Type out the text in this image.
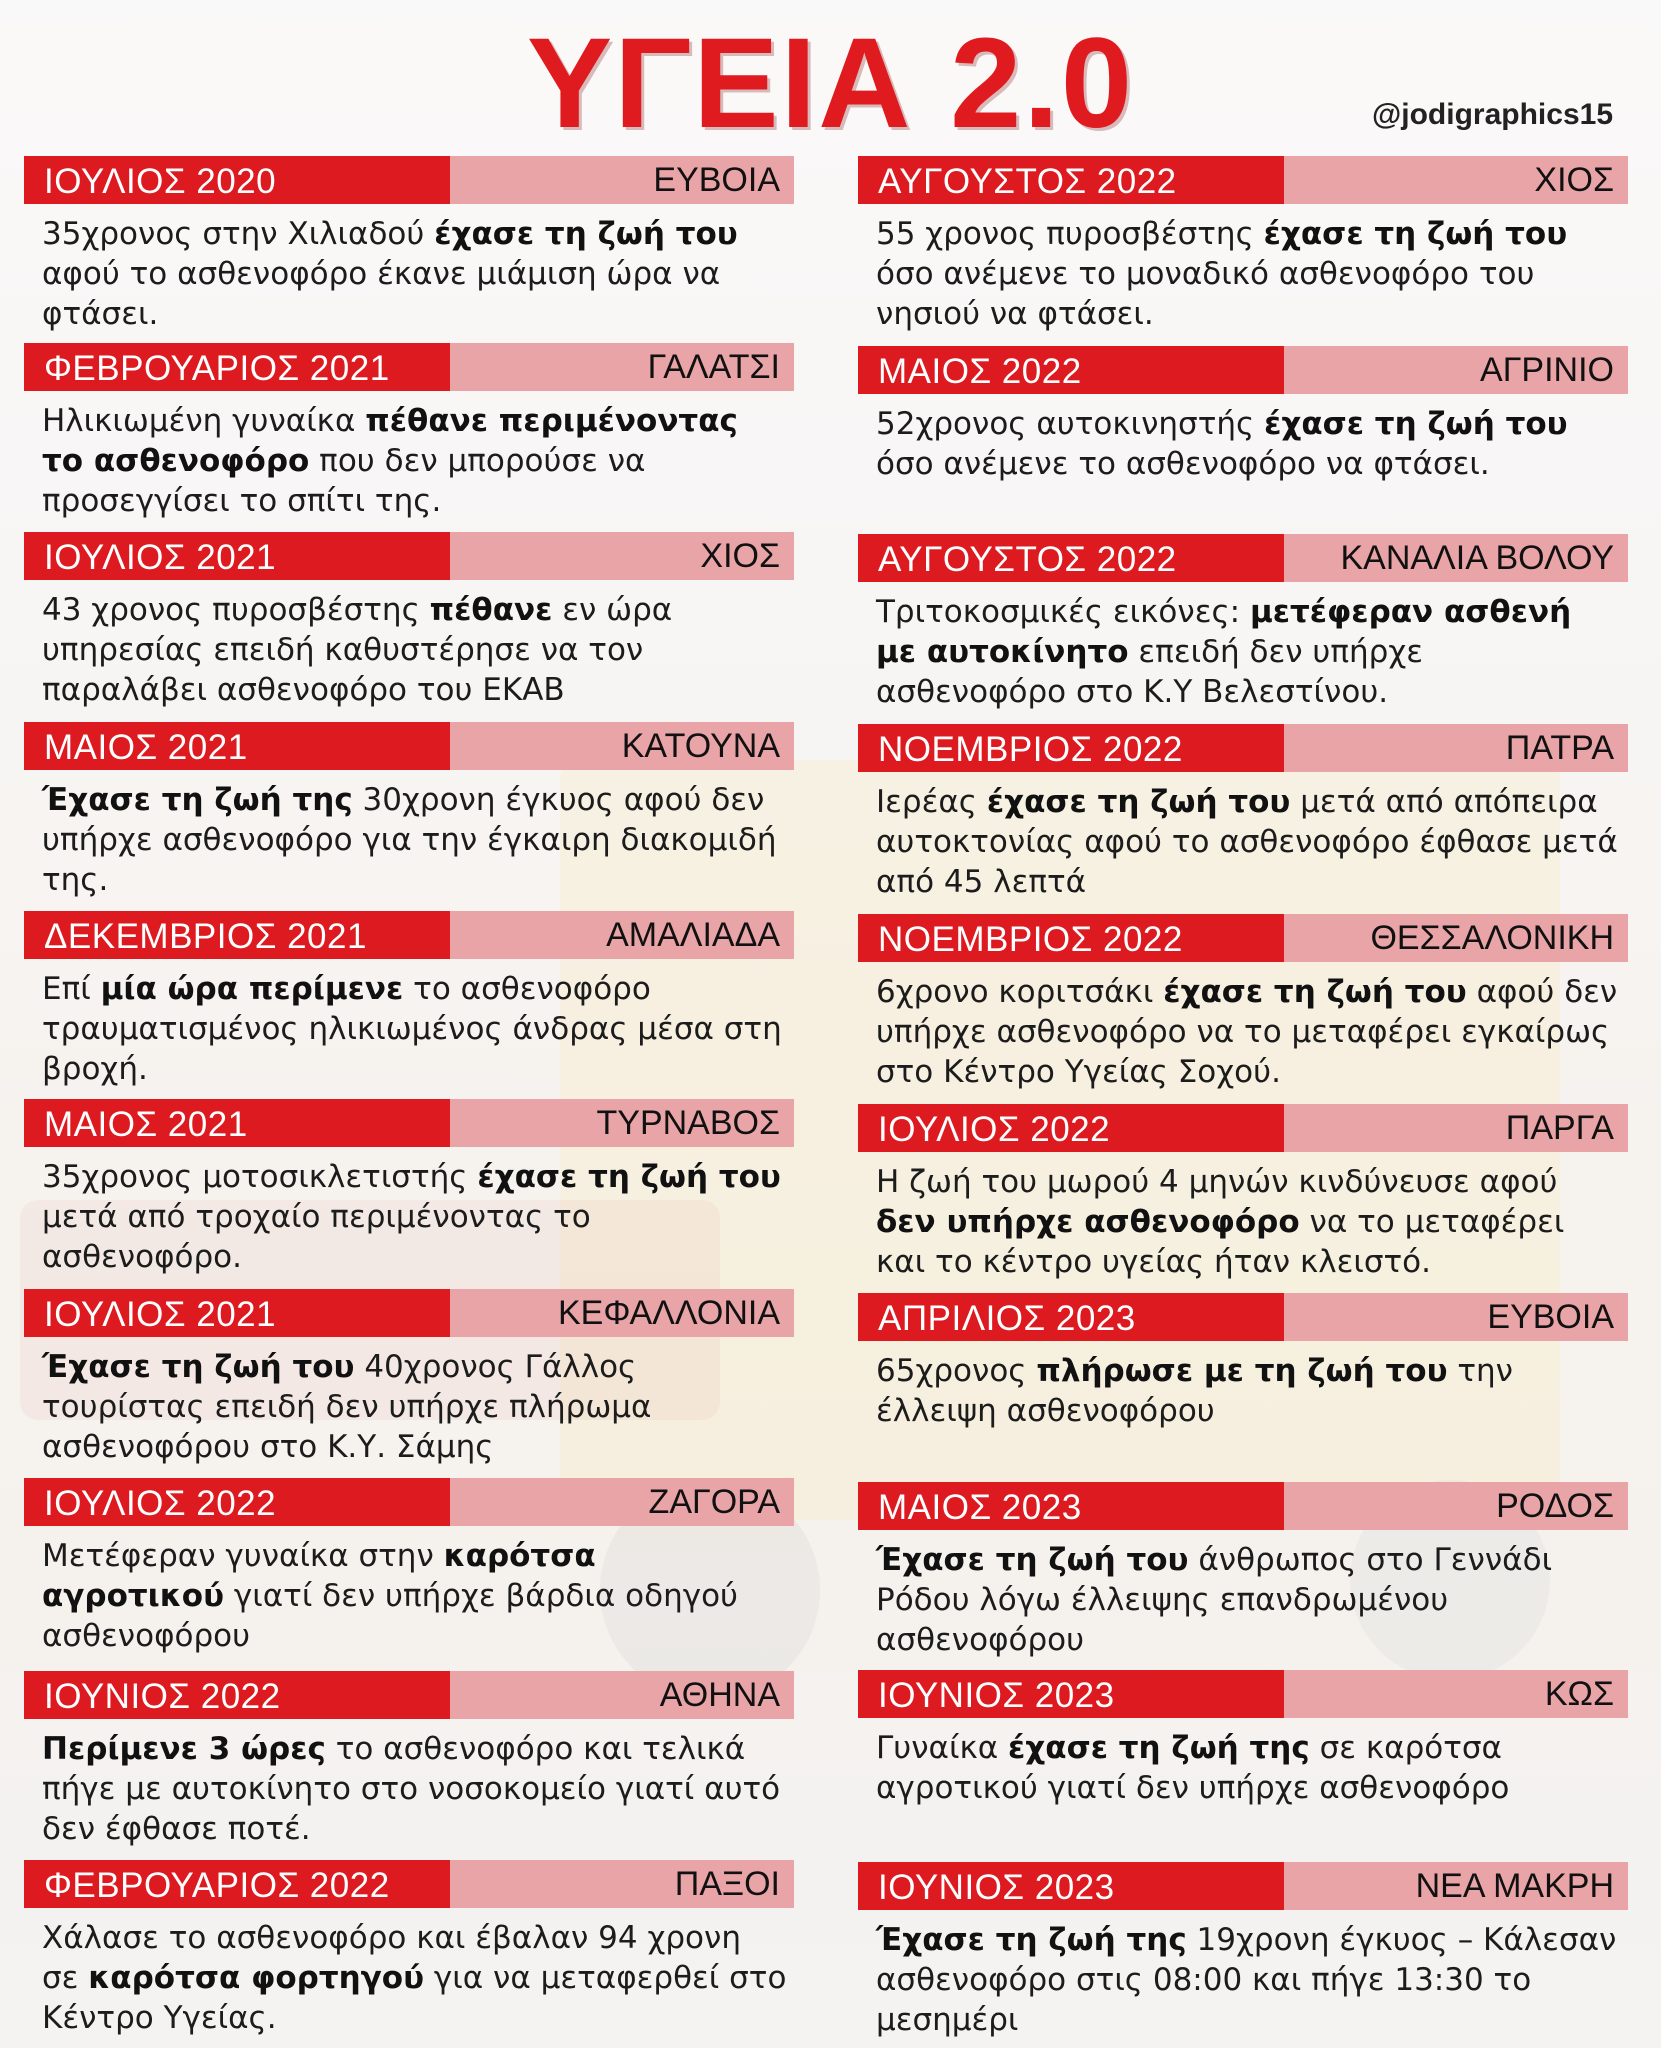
ΥΓΕΙΑ 2.0	@jodigraphics15
ΙΟΥΛΙΟΣ 2020	ΕΥΒΟΙΑ
35χρονος στην Χιλιαδού έχασε τη ζωή του αφού το ασθενοφόρο έκανε μιάμιση ώρα να φτάσει.
ΦΕΒΡΟΥΑΡΙΟΣ 2021	ΓΑΛΑΤΣΙ
Ηλικιωμένη γυναίκα πέθανε περιμένοντας το ασθενοφόρο που δεν μπορούσε να προσεγγίσει το σπίτι της.
ΙΟΥΛΙΟΣ 2021	ΧΙΟΣ
43 χρονος πυροσβέστης πέθανε εν ώρα υπηρεσίας επειδή καθυστέρησε να τον παραλάβει ασθενοφόρο του ΕΚΑΒ
ΜΑΙΟΣ 2021	ΚΑΤΟΥΝΑ
Έχασε τη ζωή της 30χρονη έγκυος αφού δεν υπήρχε ασθενοφόρο για την έγκαιρη διακομιδή της.
ΔΕΚΕΜΒΡΙΟΣ 2021	ΑΜΑΛΙΑΔΑ
Επί μία ώρα περίμενε το ασθενοφόρο τραυματισμένος ηλικιωμένος άνδρας μέσα στη βροχή.
ΜΑΙΟΣ 2021	ΤΥΡΝΑΒΟΣ
35χρονος μοτοσικλετιστής έχασε τη ζωή του μετά από τροχαίο περιμένοντας το ασθενοφόρο.
ΙΟΥΛΙΟΣ 2021	ΚΕΦΑΛΛΟΝΙΑ
Έχασε τη ζωή του 40χρονος Γάλλος τουρίστας επειδή δεν υπήρχε πλήρωμα ασθενοφόρου στο Κ.Υ. Σάμης
ΙΟΥΛΙΟΣ 2022	ΖΑΓΟΡΑ
Μετέφεραν γυναίκα στην καρότσα αγροτικού γιατί δεν υπήρχε βάρδια οδηγού ασθενοφόρου
ΙΟΥΝΙΟΣ 2022	ΑΘΗΝΑ
Περίμενε 3 ώρες το ασθενοφόρο και τελικά πήγε με αυτοκίνητο στο νοσοκομείο γιατί αυτό δεν έφθασε ποτέ.
ΦΕΒΡΟΥΑΡΙΟΣ 2022	ΠΑΞΟΙ
Χάλασε το ασθενοφόρο και έβαλαν 94 χρονη σε καρότσα φορτηγού για να μεταφερθεί στο Κέντρο Υγείας.
ΑΥΓΟΥΣΤΟΣ 2022	ΧΙΟΣ
55 χρονος πυροσβέστης έχασε τη ζωή του όσο ανέμενε το μοναδικό ασθενοφόρο του νησιού να φτάσει.
ΜΑΙΟΣ 2022	ΑΓΡΙΝΙΟ
52χρονος αυτοκινηστής έχασε τη ζωή του όσο ανέμενε το ασθενοφόρο να φτάσει.
ΑΥΓΟΥΣΤΟΣ 2022	ΚΑΝΑΛΙΑ ΒΟΛΟΥ
Τριτοκοσμικές εικόνες: μετέφεραν ασθενή με αυτοκίνητο επειδή δεν υπήρχε ασθενοφόρο στο Κ.Υ Βελεστίνου.
ΝΟΕΜΒΡΙΟΣ 2022	ΠΑΤΡΑ
Ιερέας έχασε τη ζωή του μετά από απόπειρα αυτοκτονίας αφού το ασθενοφόρο έφθασε μετά από 45 λεπτά
ΝΟΕΜΒΡΙΟΣ 2022	ΘΕΣΣΑΛΟΝΙΚΗ
6χρονο κοριτσάκι έχασε τη ζωή του αφού δεν υπήρχε ασθενοφόρο να το μεταφέρει εγκαίρως στο Κέντρο Υγείας Σοχού.
ΙΟΥΛΙΟΣ 2022	ΠΑΡΓΑ
Η ζωή του μωρού 4 μηνών κινδύνευσε αφού δεν υπήρχε ασθενοφόρο να το μεταφέρει και το κέντρο υγείας ήταν κλειστό.
ΑΠΡΙΛΙΟΣ 2023	ΕΥΒΟΙΑ
65χρονος πλήρωσε με τη ζωή του την έλλειψη ασθενοφόρου
ΜΑΙΟΣ 2023	ΡΟΔΟΣ
Έχασε τη ζωή του άνθρωπος στο Γεννάδι Ρόδου λόγω έλλειψης επανδρωμένου ασθενοφόρου
ΙΟΥΝΙΟΣ 2023	ΚΩΣ
Γυναίκα έχασε τη ζωή της σε καρότσα αγροτικού γιατί δεν υπήρχε ασθενοφόρο
ΙΟΥΝΙΟΣ 2023	ΝΕΑ ΜΑΚΡΗ
Έχασε τη ζωή της 19χρονη έγκυος – Κάλεσαν ασθενοφόρο στις 08:00 και πήγε 13:30 το μεσημέρι
